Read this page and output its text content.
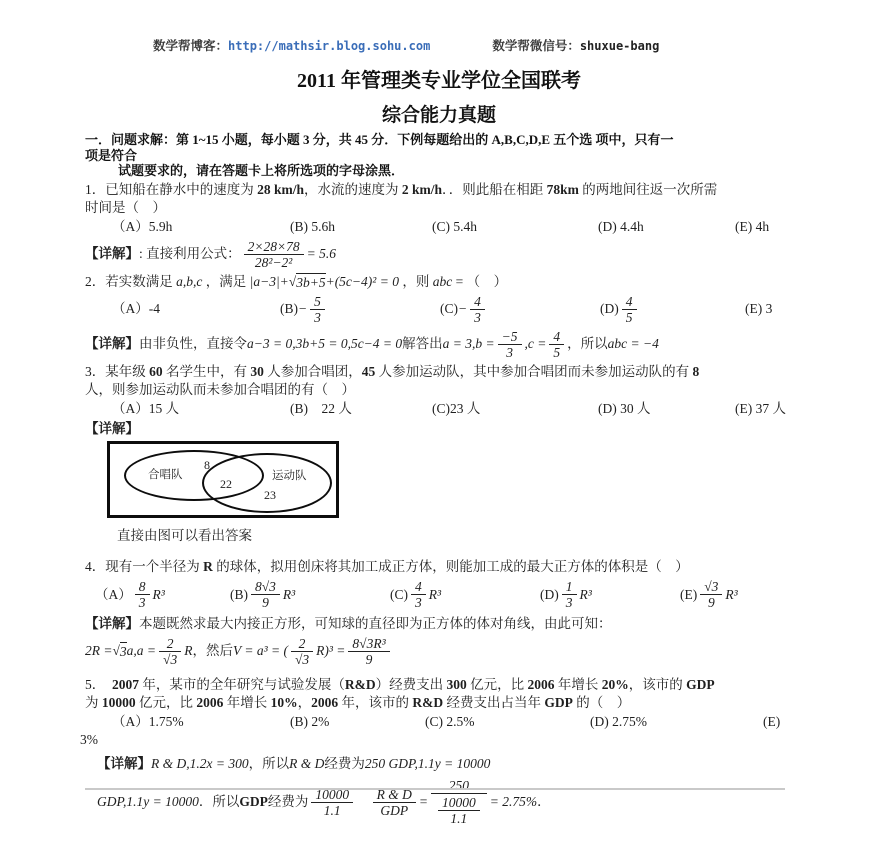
数学帮博客： http://mathsir.blog.sohu.com	数学帮微信号： shuxue-bang
2011 年管理类专业学位全国联考
综合能力真题
一．问题求解：第 1~15 小题，每小题 3 分，共 45 分．下例每题给出的 A,B,C,D,E 五个选 项中，只有一
项是符合
试题要求的，请在答题卡上将所选项的字母涂黑．
1．已知船在静水中的速度为 28 km/h，水流的速度为 2 km/h．．则此船在相距 78km 的两地间往返一次所需
时间是（　）
（A）5.9h	(B) 5.6h	(C) 5.4h	(D) 4.4h	(E) 4h
【详解】 : 直接利用公式： $\frac{2\times 28\times 78}{\text{28²−2²}} = 5.6$
2．若实数满足 a,b,c ，满足 |a−3|+ √ 3b+5 +(5c−4)² = 0 ，则 abc = （　）
（A）-4	$(B) - \frac{5}{3}$	$(C) - \frac{4}{3}$	$(D) \frac{4}{5}$	(E) 3
【详解】 由非负性，直接令 a−3 = 0,3b+5 = 0,5c−4 = 0 解答出 $a = 3,b = \frac{-5}{3} ,c = \frac{4}{5}$ ，所以 abc = −4
3．某年级 60 名学生中，有 30 人参加合唱团，45 人参加运动队，其中参加合唱团而未参加运动队的有 8
人，则参加运动队而未参加合唱团的有（　）
（A）15 人	(B)　22 人	(C)23 人	(D) 30 人	(E) 37 人
【详解】
合唱队
8
22
运动队
23
直接由图可以看出答案
4．现有一个半径为 R 的球体，拟用创床将其加工成正方体，则能加工成的最大正方体的体积是（　）
$(A) \frac{8}{3} R^3$	$(B) \frac{8√3}{9} R^3$	$(C) \frac{4}{3} R^3$	$(D) \frac{1}{3} R^3$	$(E) \frac{√3}{9} R^3$
【详解】 本题既然求最大内接正方形，可知球的直径即为正方体的体对角线，由此可知：
2R = √ 3 $a,a = \frac{2}{√3}$ R ，然后 V = a³ = ( $\frac{2}{√3} R)^3 = \frac{\text{8√3R³}}{9}$
5．　2007 年，某市的全年研究与试验发展（R&D）经费支出 300 亿元，比 2006 年增长 20%，该市的 GDP
为 10000 亿元，比 2006 年增长 10%，2006 年，该市的 R&D 经费支出占当年 GDP 的（　）
（A）1.75%	(B) 2%	(C) 2.5%	(D) 2.75%	(E)
3%
【详解】 R & D,1.2x = 300 ，所以 R & D 经费为 250 GDP,1.1y = 10000
GDP,1.1y = 10000 ．所以 GDP 经费为 $\frac{10000}{1.1}$
　 $\frac{R \& D}{\text{GDP}} = \frac{250}{\frac{10000}{1.1}} = 2.75\%$ ．
